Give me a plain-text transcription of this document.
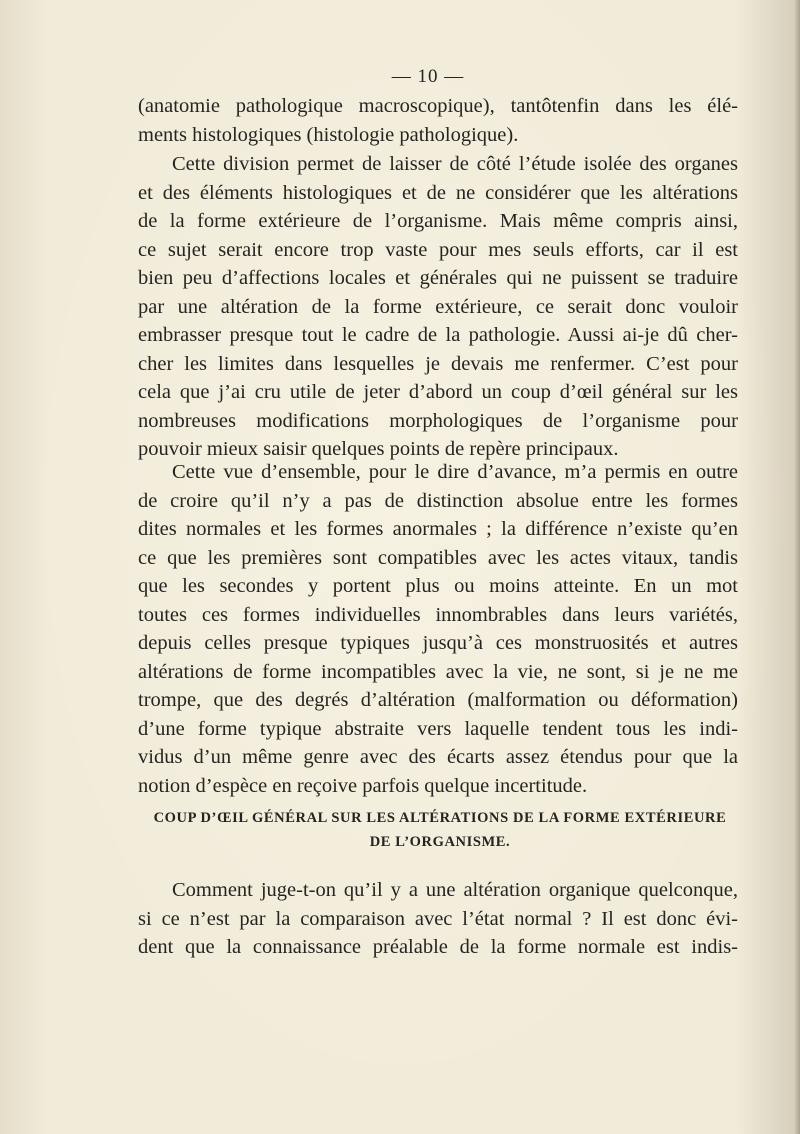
— 10 —
(anatomie pathologique macroscopique), tantôtenfin dans les élé-
ments histologiques (histologie pathologique).
Cette division permet de laisser de côté l’étude isolée des organes
et des éléments histologiques et de ne considérer que les altérations
de la forme extérieure de l’organisme. Mais même compris ainsi,
ce sujet serait encore trop vaste pour mes seuls efforts, car il est
bien peu d’affections locales et générales qui ne puissent se traduire
par une altération de la forme extérieure, ce serait donc vouloir
embrasser presque tout le cadre de la pathologie. Aussi ai-je dû cher-
cher les limites dans lesquelles je devais me renfermer. C’est pour
cela que j’ai cru utile de jeter d’abord un coup d’œil général sur les
nombreuses modifications morphologiques de l’organisme pour
pouvoir mieux saisir quelques points de repère principaux.
Cette vue d’ensemble, pour le dire d’avance, m’a permis en outre
de croire qu’il n’y a pas de distinction absolue entre les formes
dites normales et les formes anormales ; la différence n’existe qu’en
ce que les premières sont compatibles avec les actes vitaux, tandis
que les secondes y portent plus ou moins atteinte. En un mot
toutes ces formes individuelles innombrables dans leurs variétés,
depuis celles presque typiques jusqu’à ces monstruosités et autres
altérations de forme incompatibles avec la vie, ne sont, si je ne me
trompe, que des degrés d’altération (malformation ou déformation)
d’une forme typique abstraite vers laquelle tendent tous les indi-
vidus d’un même genre avec des écarts assez étendus pour que la
notion d’espèce en reçoive parfois quelque incertitude.
COUP D’ŒIL GÉNÉRAL SUR LES ALTÉRATIONS DE LA FORME EXTÉRIEURE
DE L’ORGANISME.
Comment juge-t-on qu’il y a une altération organique quelconque,
si ce n’est par la comparaison avec l’état normal ? Il est donc évi-
dent que la connaissance préalable de la forme normale est indis-
